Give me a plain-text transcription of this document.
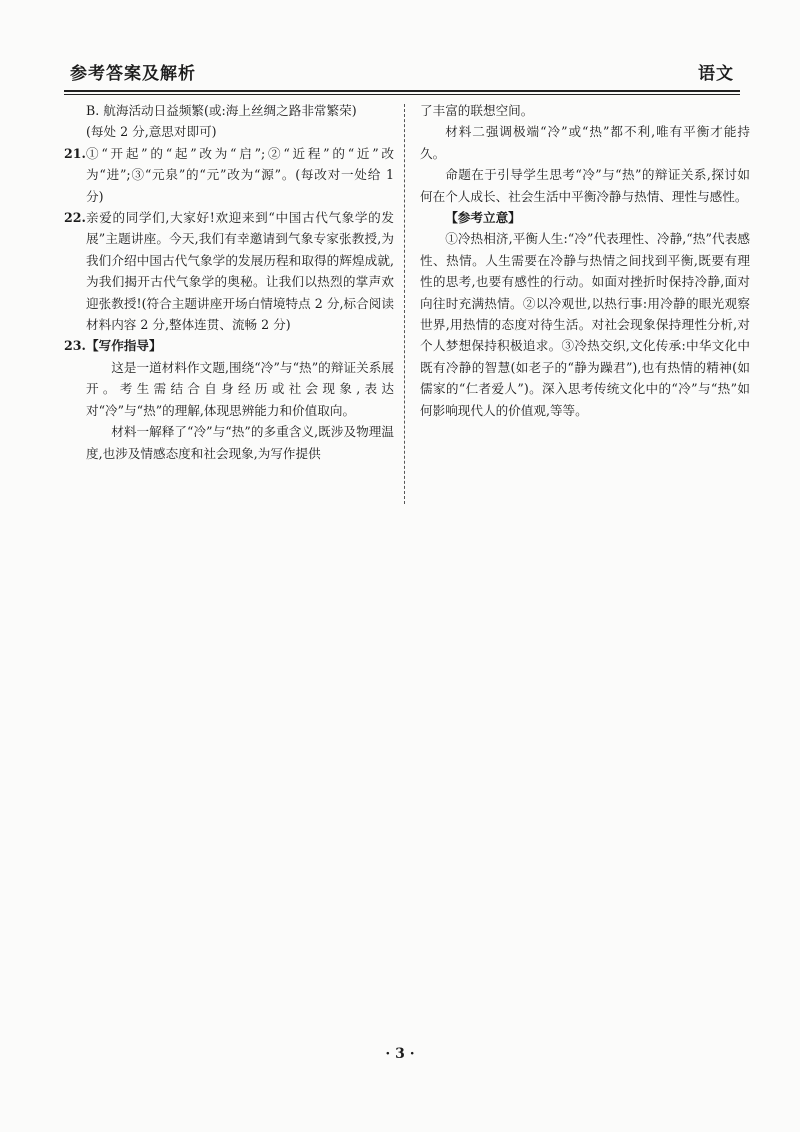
参考答案及解析	语文

B. 航海活动日益频繁(或:海上丝绸之路非常繁荣)

(每处 2 分,意思对即可)

21. ①“开起”的“起”改为“启”;②“近程”的“近”改为“进”;③“元泉”的“元”改为“源”。(每改对一处给 1 分)
22. 亲爱的同学们,大家好!欢迎来到“中国古代气象学的发展”主题讲座。今天,我们有幸邀请到气象专家张教授,为我们介绍中国古代气象学的发展历程和取得的辉煌成就,为我们揭开古代气象学的奥秘。让我们以热烈的掌声欢迎张教授!(符合主题讲座开场白情境特点 2 分,标合阅读材料内容 2 分,整体连贯、流畅 2 分)
23. 【写作指导】

这是一道材料作文题,围绕“冷”与“热”的辩证关系展开。考生需结合自身经历或社会现象,表达对“冷”与“热”的理解,体现思辨能力和价值取向。

材料一解释了“冷”与“热”的多重含义,既涉及物理温度,也涉及情感态度和社会现象,为写作提供

了丰富的联想空间。

材料二强调极端“冷”或“热”都不利,唯有平衡才能持久。

命题在于引导学生思考“冷”与“热”的辩证关系,探讨如何在个人成长、社会生活中平衡冷静与热情、理性与感性。

【参考立意】

①冷热相济,平衡人生:“冷”代表理性、冷静,“热”代表感性、热情。人生需要在冷静与热情之间找到平衡,既要有理性的思考,也要有感性的行动。如面对挫折时保持冷静,面对向往时充满热情。②以冷观世,以热行事:用冷静的眼光观察世界,用热情的态度对待生活。对社会现象保持理性分析,对个人梦想保持积极追求。③冷热交织,文化传承:中华文化中既有冷静的智慧(如老子的“静为躁君”),也有热情的精神(如儒家的“仁者爱人”)。深入思考传统文化中的“冷”与“热”如何影响现代人的价值观,等等。

· 3 ·
